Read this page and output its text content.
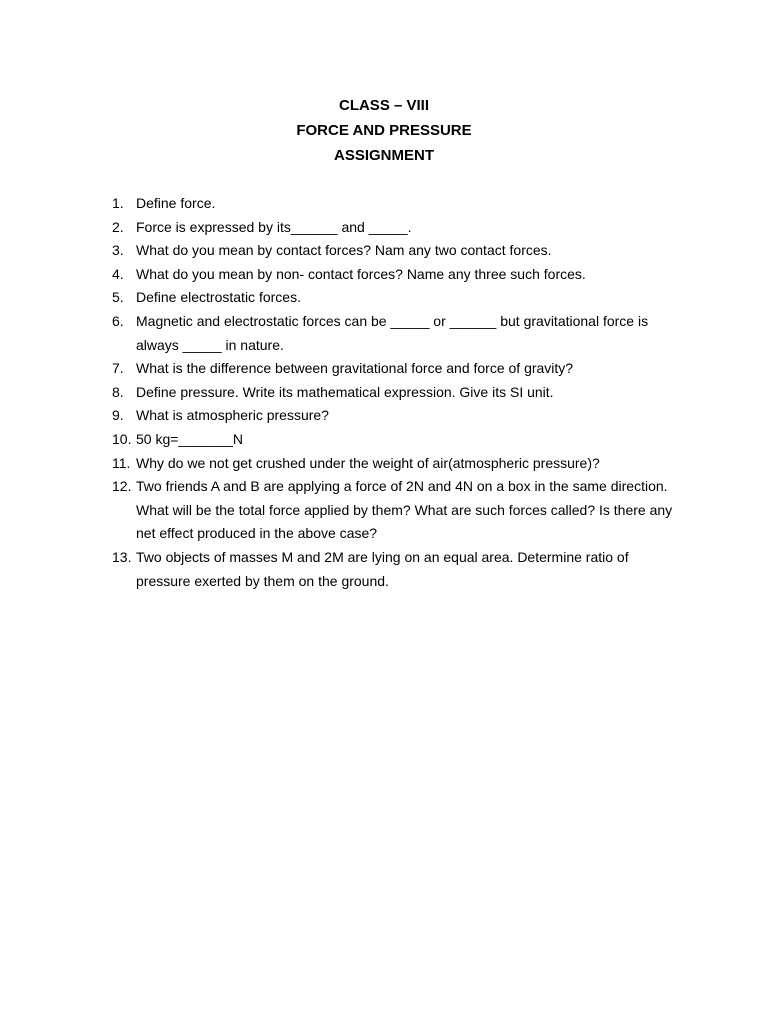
CLASS – VIII

FORCE AND PRESSURE

ASSIGNMENT

1. Define force.
2. Force is expressed by its______ and _____.
3. What do you mean by contact forces? Nam any two contact forces.
4. What do you mean by non- contact forces? Name any three such forces.
5. Define electrostatic forces.
6. Magnetic and electrostatic forces can be _____ or ______ but gravitational force is always _____ in nature.
7. What is the difference between gravitational force and force of gravity?
8. Define pressure. Write its mathematical expression. Give its SI unit.
9. What is atmospheric pressure?
10. 50 kg=_______N
11. Why do we not get crushed under the weight of air(atmospheric pressure)?
12. Two friends A and B are applying a force of 2N and 4N on a box in the same direction. What will be the total force applied by them? What are such forces called? Is there any net effect produced in the above case?
13. Two objects of masses M and 2M are lying on an equal area. Determine ratio of pressure exerted by them on the ground.
